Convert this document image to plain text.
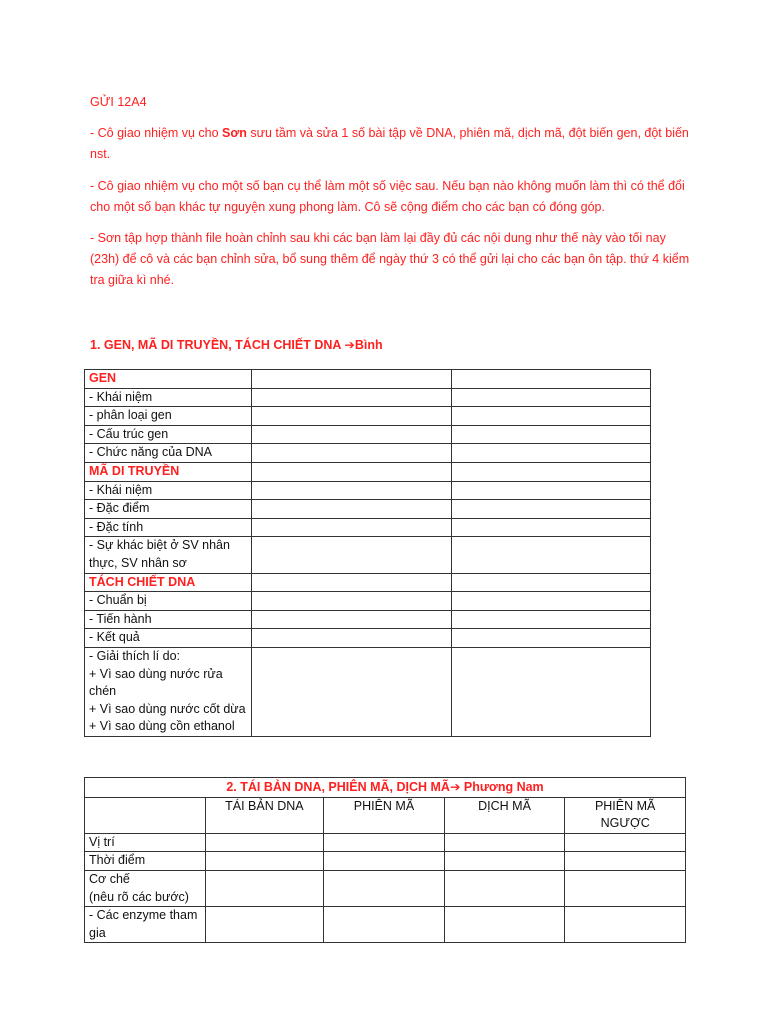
GỬI 12A4

- Cô giao nhiệm vụ cho Sơn sưu tầm và sửa 1 số bài tập về DNA, phiên mã, dịch mã, đột biến gen, đột biến nst.

- Cô giao nhiệm vụ cho một số bạn cụ thể làm một số việc sau. Nếu bạn nào không muốn làm thì có thể đổi cho một số bạn khác tự nguyện xung phong làm. Cô sẽ cộng điểm cho các bạn có đóng góp.

- Sơn tập hợp thành file hoàn chỉnh sau khi các bạn làm lại đầy đủ các nội dung như thế này vào tối nay (23h) để cô và các bạn chỉnh sửa, bổ sung thêm để ngày thứ 3 có thể gửi lại cho các bạn ôn tập. thứ 4 kiểm tra giữa kì nhé.

1. GEN, MÃ DI TRUYỀN, TÁCH CHIẾT DNA ➔Bình
GEN		
- Khái niệm		
- phân loại gen		
- Cấu trúc gen		
- Chức năng của DNA		
MÃ DI TRUYỀN		
- Khái niệm		
- Đặc điểm		
- Đặc tính		
- Sự khác biệt ở SV nhân thực, SV nhân sơ		
TÁCH CHIẾT DNA		
- Chuẩn bị		
- Tiến hành		
- Kết quả		
- Giải thích lí do:
+ Vì sao dùng nước rửa chén
+ Vì sao dùng nước cốt dừa
+ Vì sao dùng cồn ethanol		
2. TÁI BẢN DNA, PHIÊN MÃ, DỊCH MÃ➔ Phương Nam				
	TÁI BẢN DNA	PHIÊN MÃ	DỊCH MÃ	PHIÊN MÃ NGƯỢC
Vị trí				
Thời điểm				
Cơ chế
(nêu rõ các bước)				
- Các enzyme tham gia				
